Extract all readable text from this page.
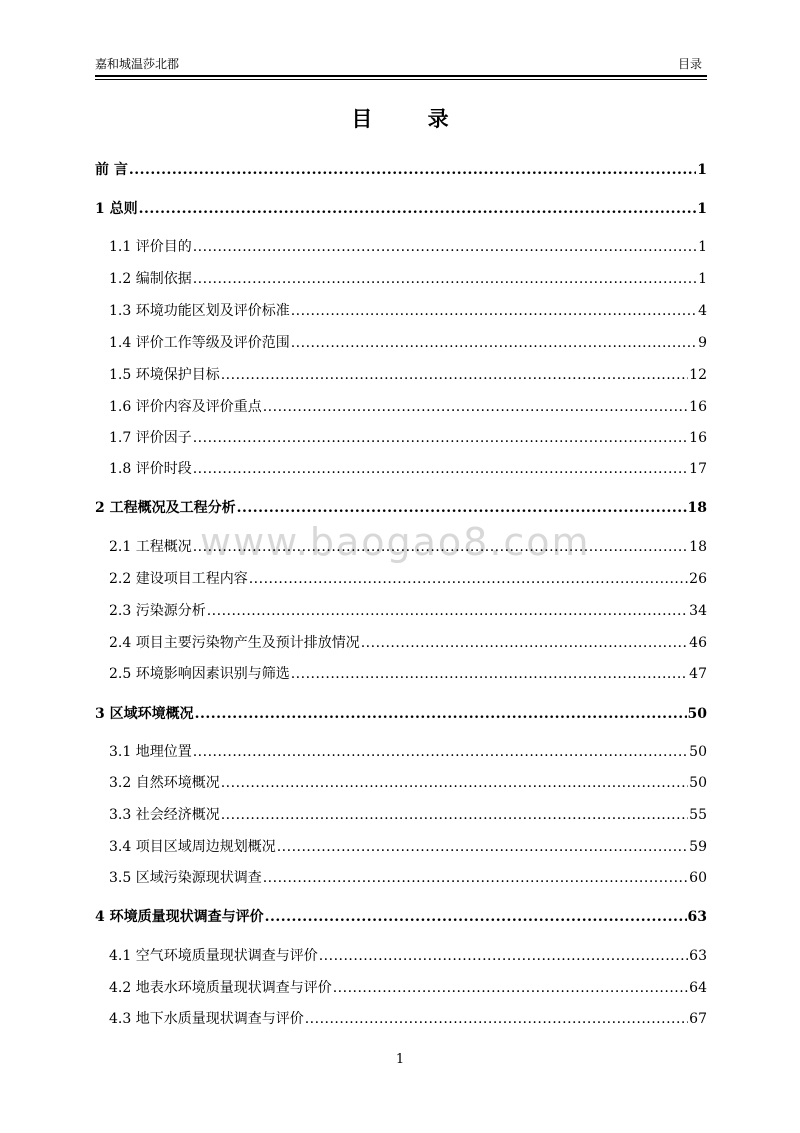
嘉和城温莎北郡	目录
目 录
www.baogao8.com
前 言 .....	1
1 总则 .....	1
1.1 评价目的 .....	1
1.2 编制依据 .....	1
1.3 环境功能区划及评价标准 .....	4
1.4 评价工作等级及评价范围 .....	9
1.5 环境保护目标 .....	12
1.6 评价内容及评价重点 .....	16
1.7 评价因子 .....	16
1.8 评价时段 .....	17
2 工程概况及工程分析 .....	18
2.1 工程概况 .....	18
2.2 建设项目工程内容 .....	26
2.3 污染源分析 .....	34
2.4 项目主要污染物产生及预计排放情况 .....	46
2.5 环境影响因素识别与筛选 .....	47
3 区域环境概况 .....	50
3.1 地理位置 .....	50
3.2 自然环境概况 .....	50
3.3 社会经济概况 .....	55
3.4 项目区域周边规划概况 .....	59
3.5 区域污染源现状调查 .....	60
4 环境质量现状调查与评价 .....	63
4.1 空气环境质量现状调查与评价 .....	63
4.2 地表水环境质量现状调查与评价 .....	64
4.3 地下水质量现状调查与评价 .....	67
1
